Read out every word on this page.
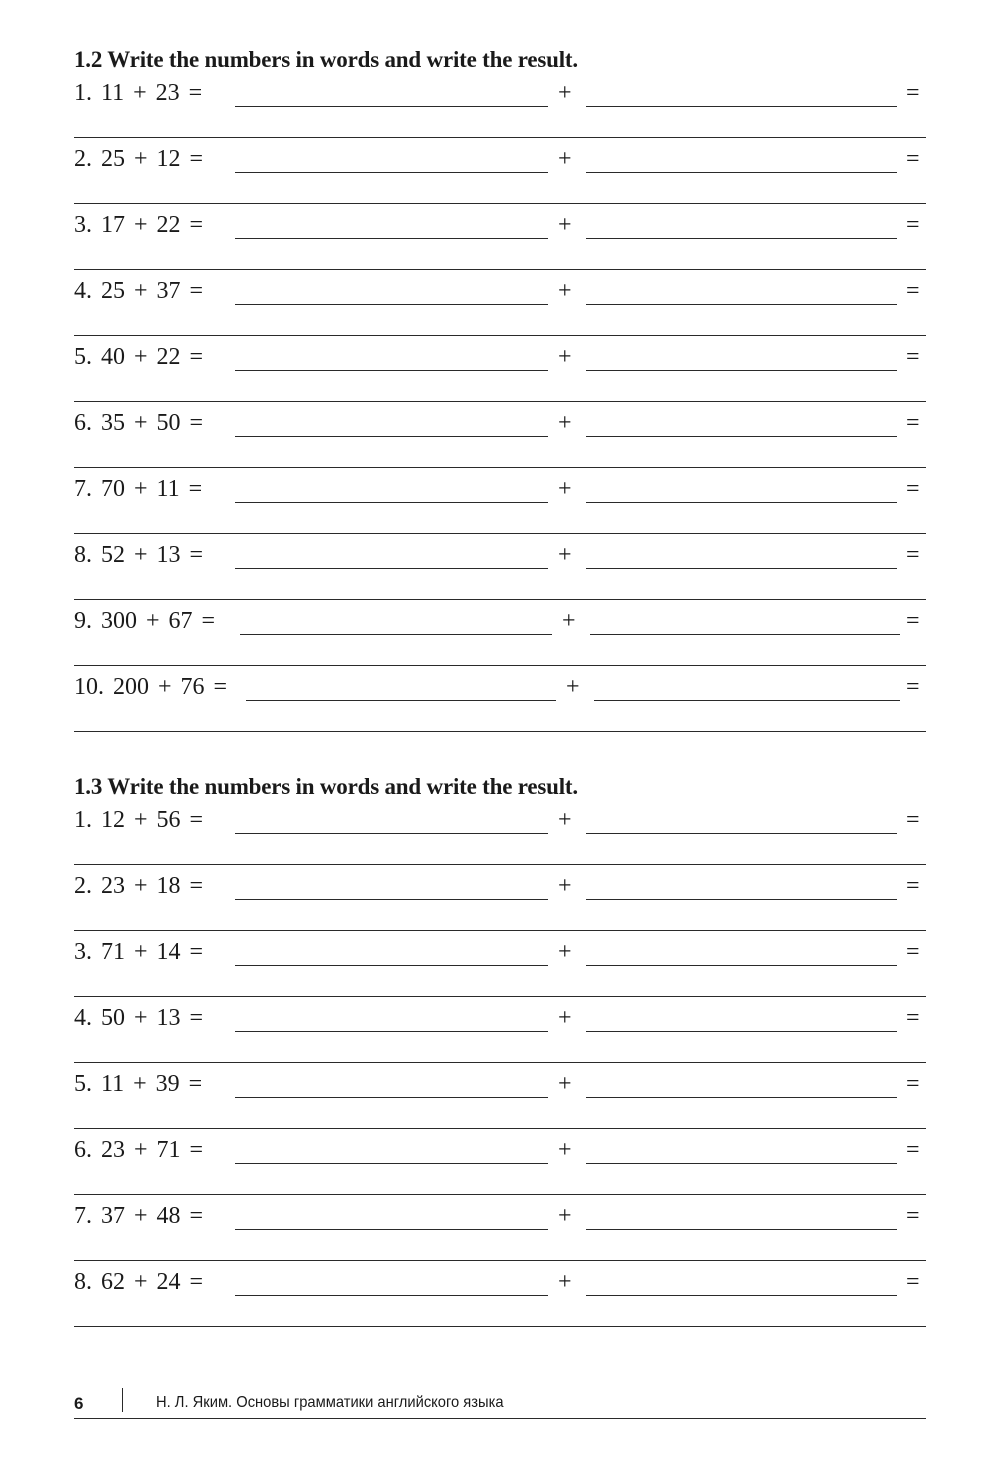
1.2 Write the numbers in words and write the result.
1. 11 + 23 =	+	=
2. 25 + 12 =	+	=
3. 17 + 22 =	+	=
4. 25 + 37 =	+	=
5. 40 + 22 =	+	=
6. 35 + 50 =	+	=
7. 70 + 11 =	+	=
8. 52 + 13 =	+	=
9. 300 + 67 =	+	=
10. 200 + 76 =	+	=
1.3 Write the numbers in words and write the result.
1. 12 + 56 =	+	=
2. 23 + 18 =	+	=
3. 71 + 14 =	+	=
4. 50 + 13 =	+	=
5. 11 + 39 =	+	=
6. 23 + 71 =	+	=
7. 37 + 48 =	+	=
8. 62 + 24 =	+	=
6	Н. Л. Яким. Основы грамматики английского языка
